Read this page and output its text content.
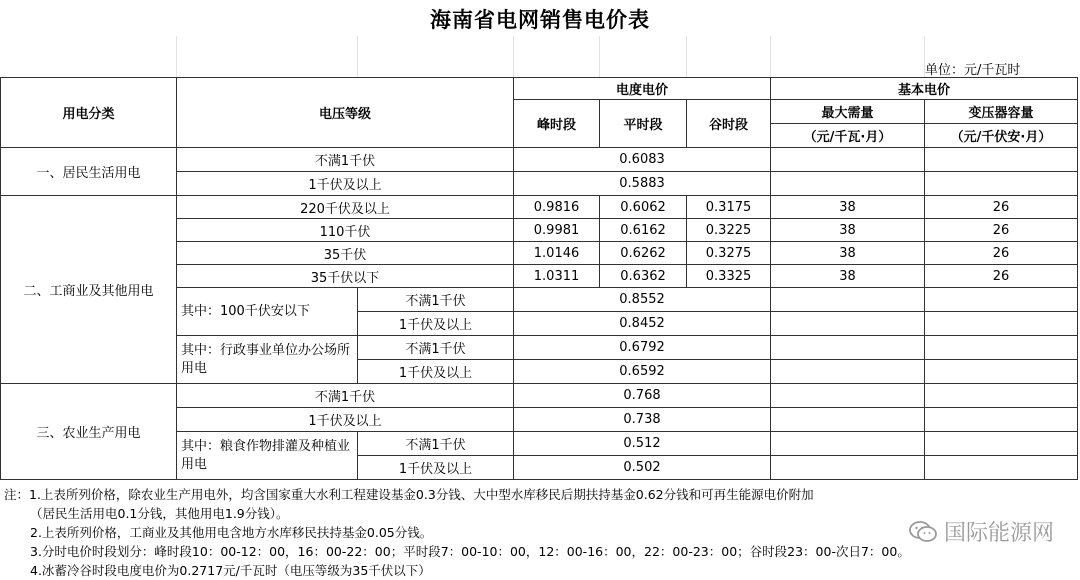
海南省电网销售电价表
单位：元/千瓦时
用电分类	电压等级		电度电价			基本电价	
			峰时段	平时段	谷时段	最大需量	变压器容量
						（元/千瓦·月）	（元/千伏安·月）
一、居民生活用电	不满1千伏		0.6083				
	1千伏及以上		0.5883				
二、工商业及其他用电	220千伏及以上		0.9816	0.6062	0.3175	38	26
	110千伏		0.9981	0.6162	0.3225	38	26
	35千伏		1.0146	0.6262	0.3275	38	26
	35千伏以下		1.0311	0.6362	0.3325	38	26
	其中：100千伏安以下	不满1千伏	0.8552				
		1千伏及以上	0.8452				
	其中：行政事业单位办公场所用电	不满1千伏	0.6792				
		1千伏及以上	0.6592				
三、农业生产用电	不满1千伏		0.768				
	1千伏及以上		0.738				
	其中：粮食作物排灌及种植业用电	不满1千伏	0.512				
		1千伏及以上	0.502				
注：1.上表所列价格，除农业生产用电外，均含国家重大水利工程建设基金0.3分钱、大中型水库移民后期扶持基金0.62分钱和可再生能源电价附加
（居民生活用电0.1分钱，其他用电1.9分钱）。
2.上表所列价格，工商业及其他用电含地方水库移民扶持基金0.05分钱。
3.分时电价时段划分：峰时段10：00-12：00，16：00-22：00；平时段7：00-10：00，12：00-16：00，22：00-23：00；谷时段23：00-次日7：00。
4.冰蓄冷谷时段电度电价为0.2717元/千瓦时（电压等级为35千伏以下）
国际能源网
